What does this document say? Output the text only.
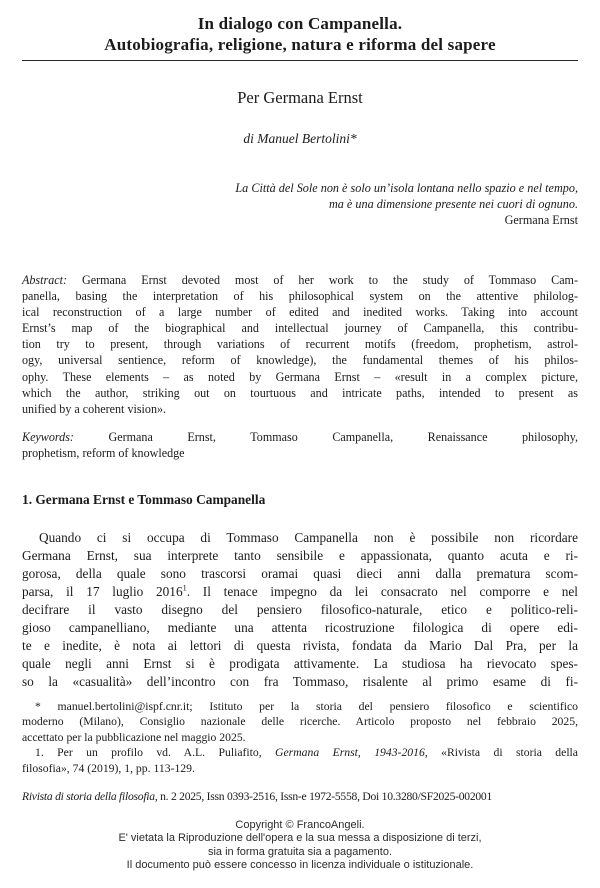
In dialogo con Campanella.
Autobiografia, religione, natura e riforma del sapere
Per Germana Ernst
di Manuel Bertolini*
La Città del Sole non è solo un’isola lontana nello spazio e nel tempo,
ma è una dimensione presente nei cuori di ognuno.
Germana Ernst
Abstract: Germana Ernst devoted most of her work to the study of Tommaso Cam-
panella, basing the interpretation of his philosophical system on the attentive philolog-
ical reconstruction of a large number of edited and inedited works. Taking into account
Ernst’s map of the biographical and intellectual journey of Campanella, this contribu-
tion try to present, through variations of recurrent motifs (freedom, prophetism, astrol-
ogy, universal sentience, reform of knowledge), the fundamental themes of his philos-
ophy. These elements – as noted by Germana Ernst – «result in a complex picture,
which the author, striking out on tourtuous and intricate paths, intended to present as
unified by a coherent vision».
Keywords: Germana Ernst, Tommaso Campanella, Renaissance philosophy,
prophetism, reform of knowledge
1. Germana Ernst e Tommaso Campanella
Quando ci si occupa di Tommaso Campanella non è possibile non ricordare
Germana Ernst, sua interprete tanto sensibile e appassionata, quanto acuta e ri-
gorosa, della quale sono trascorsi oramai quasi dieci anni dalla prematura scom-
parsa, il 17 luglio 2016$^1$. Il tenace impegno da lei consacrato nel comporre e nel
decifrare il vasto disegno del pensiero filosofico-naturale, etico e politico-reli-
gioso campanelliano, mediante una attenta ricostruzione filologica di opere edi-
te e inedite, è nota ai lettori di questa rivista, fondata da Mario Dal Pra, per la
quale negli anni Ernst si è prodigata attivamente. La studiosa ha rievocato spes-
so la «casualità» dell’incontro con fra Tommaso, risalente al primo esame di fi-
* manuel.bertolini@ispf.cnr.it; Istituto per la storia del pensiero filosofico e scientifico
moderno (Milano), Consiglio nazionale delle ricerche. Articolo proposto nel febbraio 2025,
accettato per la pubblicazione nel maggio 2025.
1. Per un profilo vd. A.L. Puliafito, Germana Ernst, 1943-2016, «Rivista di storia della
filosofia», 74 (2019), 1, pp. 113-129.
Rivista di storia della filosofia, n. 2 2025, Issn 0393-2516, Issn-e 1972-5558, Doi 10.3280/SF2025-002001
Copyright © FrancoAngeli.
E' vietata la Riproduzione dell'opera e la sua messa a disposizione di terzi,
sia in forma gratuita sia a pagamento.
Il documento può essere concesso in licenza individuale o istituzionale.
